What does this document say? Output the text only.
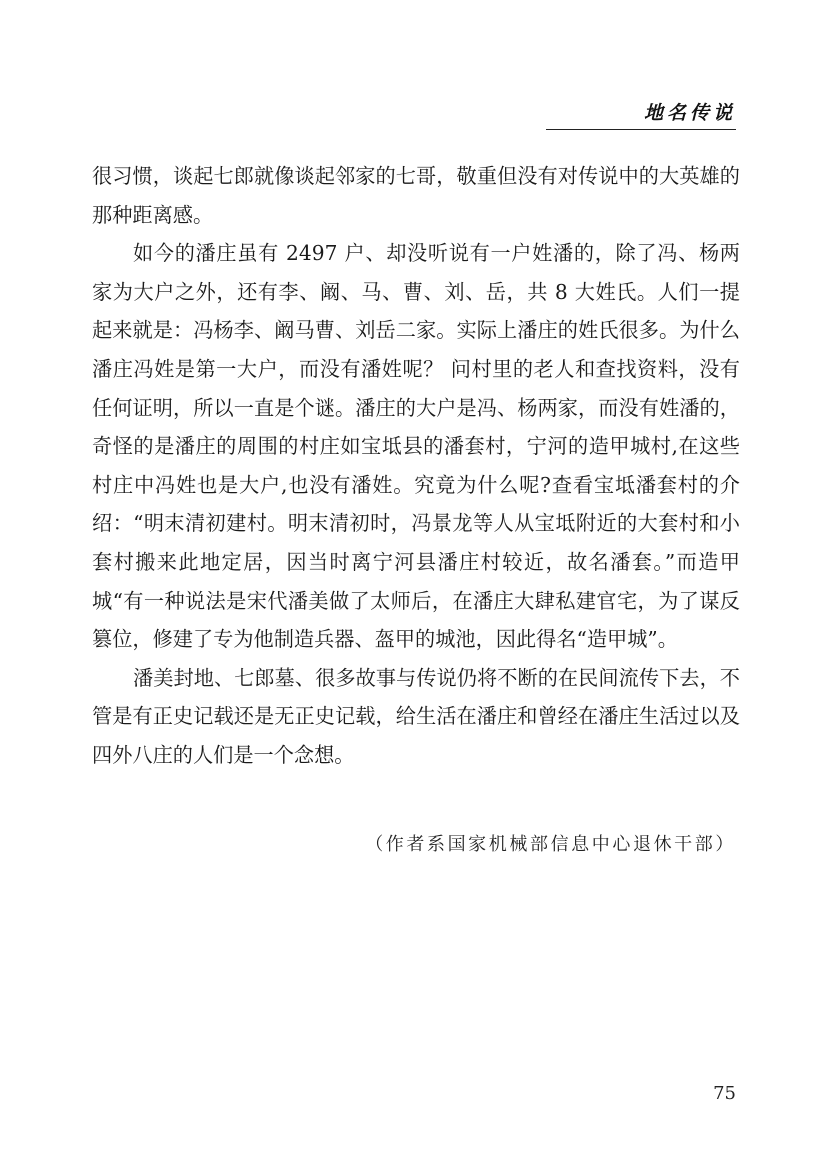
地名传说

很习惯，谈起七郎就像谈起邻家的七哥，敬重但没有对传说中的大英雄的那种距离感。

如今的潘庄虽有 2497 户、却没听说有一户姓潘的，除了冯、杨两家为大户之外，还有李、阚、马、曹、刘、岳，共 8 大姓氏。人们一提起来就是：冯杨李、阚马曹、刘岳二家。实际上潘庄的姓氏很多。为什么潘庄冯姓是第一大户，而没有潘姓呢？ 问村里的老人和查找资料，没有任何证明，所以一直是个谜。潘庄的大户是冯、杨两家，而没有姓潘的，奇怪的是潘庄的周围的村庄如宝坻县的潘套村，宁河的造甲城村,在这些村庄中冯姓也是大户,也没有潘姓。究竟为什么呢?查看宝坻潘套村的介绍：“明末清初建村。明末清初时，冯景龙等人从宝坻附近的大套村和小套村搬来此地定居，因当时离宁河县潘庄村较近，故名潘套。”而造甲城“有一种说法是宋代潘美做了太师后，在潘庄大肆私建官宅，为了谋反篡位，修建了专为他制造兵器、盔甲的城池，因此得名“造甲城”。

潘美封地、七郎墓、很多故事与传说仍将不断的在民间流传下去，不管是有正史记载还是无正史记载，给生活在潘庄和曾经在潘庄生活过以及四外八庄的人们是一个念想。

（作者系国家机械部信息中心退休干部）
75
